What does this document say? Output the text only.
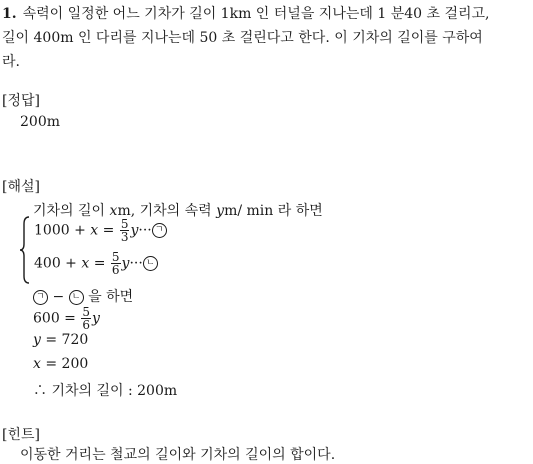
1. 속력이 일정한 어느 기차가 길이 1km 인 터널을 지나는데 1 분40 초 걸리고,
길이 400m 인 다리를 지나는데 50 초 걸린다고 한다. 이 기차의 길이를 구하여
라.
[정답]
200m
[해설]
기차의 길이 xm, 기차의 속력 ym/ min 라 하면
$1000 + x = \frac{5}{3} y\cdot\cdot\cdot$ ㄱ
$400 + x = \frac{5}{6} y\cdot\cdot\cdot$ ㄴ
ㄱ − ㄴ 을 하면
$600 = \frac{5}{6}$ y
y = 720
x = 200
∴ 기차의 길이 : 200m
[힌트]
이동한 거리는 철교의 길이와 기차의 길이의 합이다.
